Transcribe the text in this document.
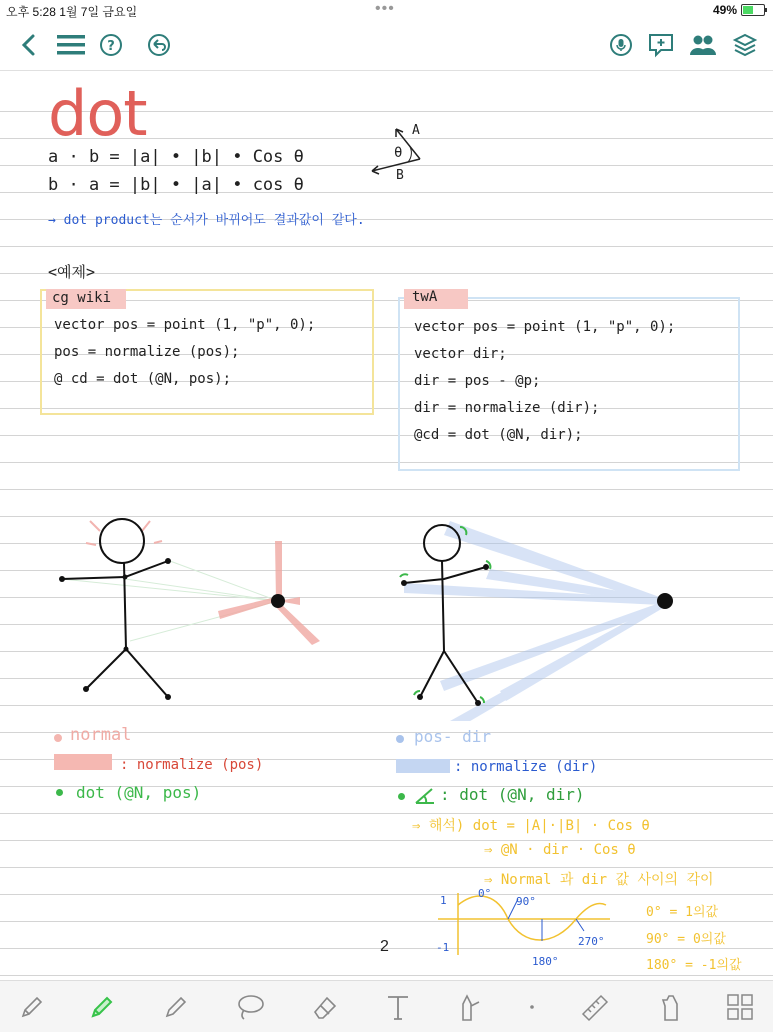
오후 5:28 1월 7일 금요일	•••	49%
?
dot
a · b = |a| • |b| • Cos θ
b · a = |b| • |a| • cos θ
A
B
θ
→ dot product는 순서가 바뀌어도 결과값이 같다.
<예제>
cg wiki
vector pos = point (1, "p", 0);
pos = normalize (pos);
@ cd = dot (@N, pos);
twA
vector pos = point (1, "p", 0);
vector dir;
dir = pos - @p;
dir = normalize (dir);
@cd = dot (@N, dir);
normal
: normalize (pos)
dot (@N, pos)
pos- dir
: normalize (dir)
: dot (@N, dir)
⇒ 해석) dot = |A|·|B| · Cos θ
⇒ @N · dir · Cos θ
⇒ Normal 과 dir 값 사이의 각이
1
-1
0°
90°
180°
270°
0° = 1의값
90° = 0의값
180° = -1의값
2
